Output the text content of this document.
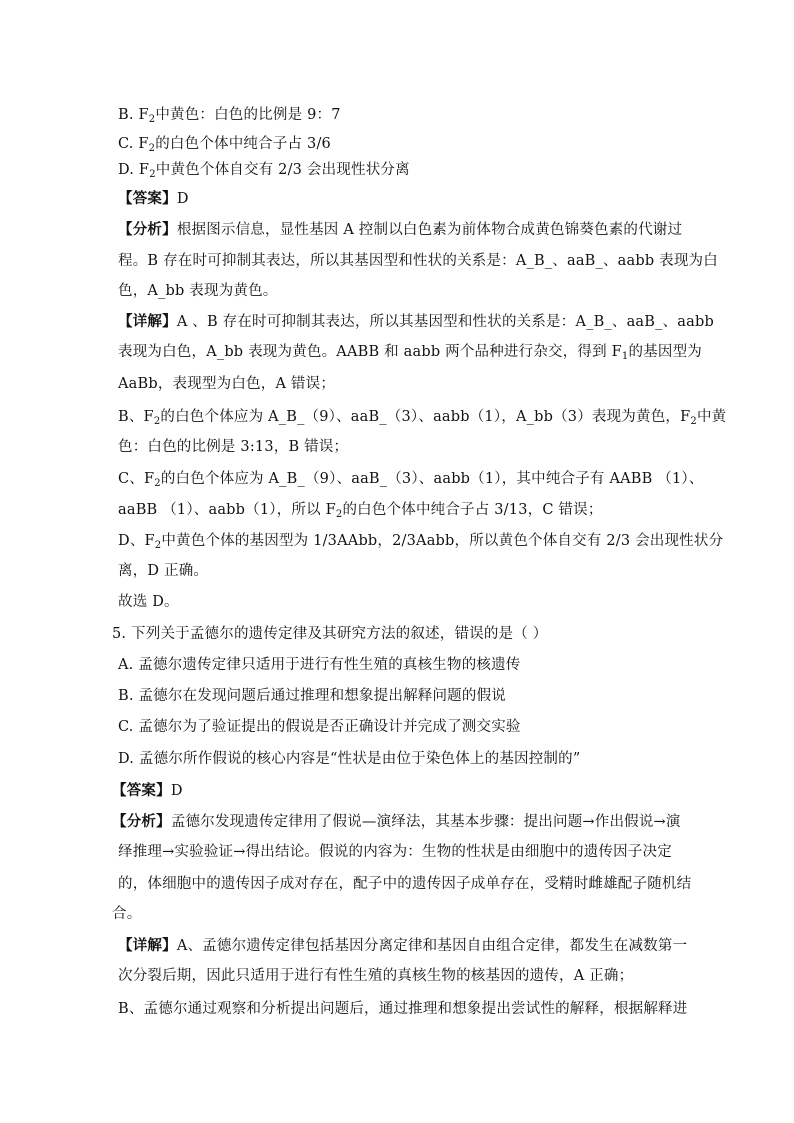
B. $F_2$中黄色：白色的比例是 9：7
C. $F_2$的白色个体中纯合子占 3/6
D. $F_2$中黄色个体自交有 2/3 会出现性状分离
【答案】D
【分析】根据图示信息，显性基因 A 控制以白色素为前体物合成黄色锦葵色素的代谢过
程。B 存在时可抑制其表达，所以其基因型和性状的关系是：A_B_、aaB_、aabb 表现为白
色，A_bb 表现为黄色。
【详解】A 、B 存在时可抑制其表达，所以其基因型和性状的关系是：A_B_、aaB_、aabb
表现为白色，A_bb 表现为黄色。AABB 和 aabb 两个品种进行杂交，得到 $F_1$的基因型为
AaBb，表现型为白色，A 错误；
B、$F_2$的白色个体应为 A_B_（9）、aaB_（3）、aabb（1），A_bb（3）表现为黄色，$F_2$中黄
色：白色的比例是 3:13，B 错误；
C、$F_2$的白色个体应为 A_B_（9）、aaB_（3）、aabb（1），其中纯合子有 AABB （1）、
aaBB （1）、aabb（1），所以 $F_2$的白色个体中纯合子占 3/13，C 错误；
D、$F_2$中黄色个体的基因型为 1/3AAbb，2/3Aabb，所以黄色个体自交有 2/3 会出现性状分
离，D 正确。
故选 D。
5. 下列关于孟德尔的遗传定律及其研究方法的叙述，错误的是（ ）
A. 孟德尔遗传定律只适用于进行有性生殖的真核生物的核遗传
B. 孟德尔在发现问题后通过推理和想象提出解释问题的假说
C. 孟德尔为了验证提出的假说是否正确设计并完成了测交实验
D. 孟德尔所作假说的核心内容是“性状是由位于染色体上的基因控制的”
【答案】D
【分析】孟德尔发现遗传定律用了假说—演绎法，其基本步骤：提出问题→作出假说→演
绎推理→实验验证→得出结论。假说的内容为：生物的性状是由细胞中的遗传因子决定
的，体细胞中的遗传因子成对存在，配子中的遗传因子成单存在，受精时雌雄配子随机结
合。
【详解】A、孟德尔遗传定律包括基因分离定律和基因自由组合定律，都发生在减数第一
次分裂后期，因此只适用于进行有性生殖的真核生物的核基因的遗传，A 正确；
B、孟德尔通过观察和分析提出问题后，通过推理和想象提出尝试性的解释，根据解释进
